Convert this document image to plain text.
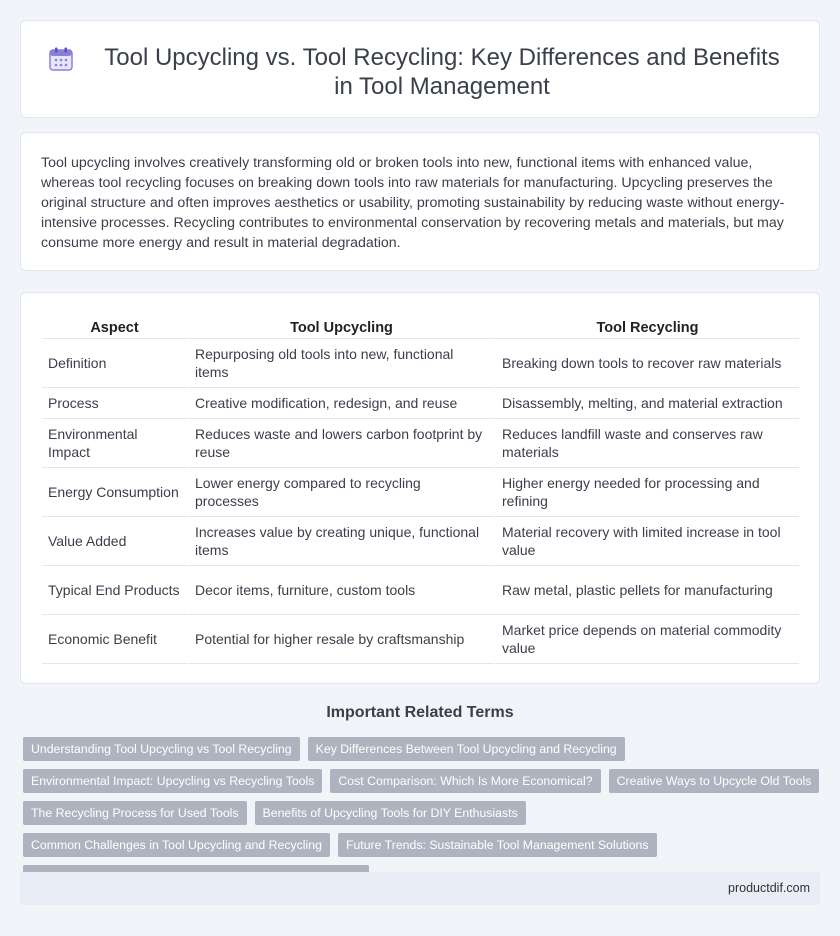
Tool Upcycling vs. Tool Recycling: Key Differences and Benefits in Tool Management

Tool upcycling involves creatively transforming old or broken tools into new, functional items with enhanced value, whereas tool recycling focuses on breaking down tools into raw materials for manufacturing. Upcycling preserves the original structure and often improves aesthetics or usability, promoting sustainability by reducing waste without energy-intensive processes. Recycling contributes to environmental conservation by recovering metals and materials, but may consume more energy and result in material degradation.

Aspect	Tool Upcycling	Tool Recycling
Definition	Repurposing old tools into new, functional items	Breaking down tools to recover raw materials
Process	Creative modification, redesign, and reuse	Disassembly, melting, and material extraction
Environmental Impact	Reduces waste and lowers carbon footprint by reuse	Reduces landfill waste and conserves raw materials
Energy Consumption	Lower energy compared to recycling processes	Higher energy needed for processing and refining
Value Added	Increases value by creating unique, functional items	Material recovery with limited increase in tool value
Typical End Products	Decor items, furniture, custom tools	Raw metal, plastic pellets for manufacturing
Economic Benefit	Potential for higher resale by craftsmanship	Market price depends on material commodity value
Important Related Terms
Understanding Tool Upcycling vs Tool Recycling	Key Differences Between Tool Upcycling and Recycling
Environmental Impact: Upcycling vs Recycling Tools	Cost Comparison: Which Is More Economical?	Creative Ways to Upcycle Old Tools
The Recycling Process for Used Tools	Benefits of Upcycling Tools for DIY Enthusiasts
Common Challenges in Tool Upcycling and Recycling	Future Trends: Sustainable Tool Management Solutions
productdif.com
